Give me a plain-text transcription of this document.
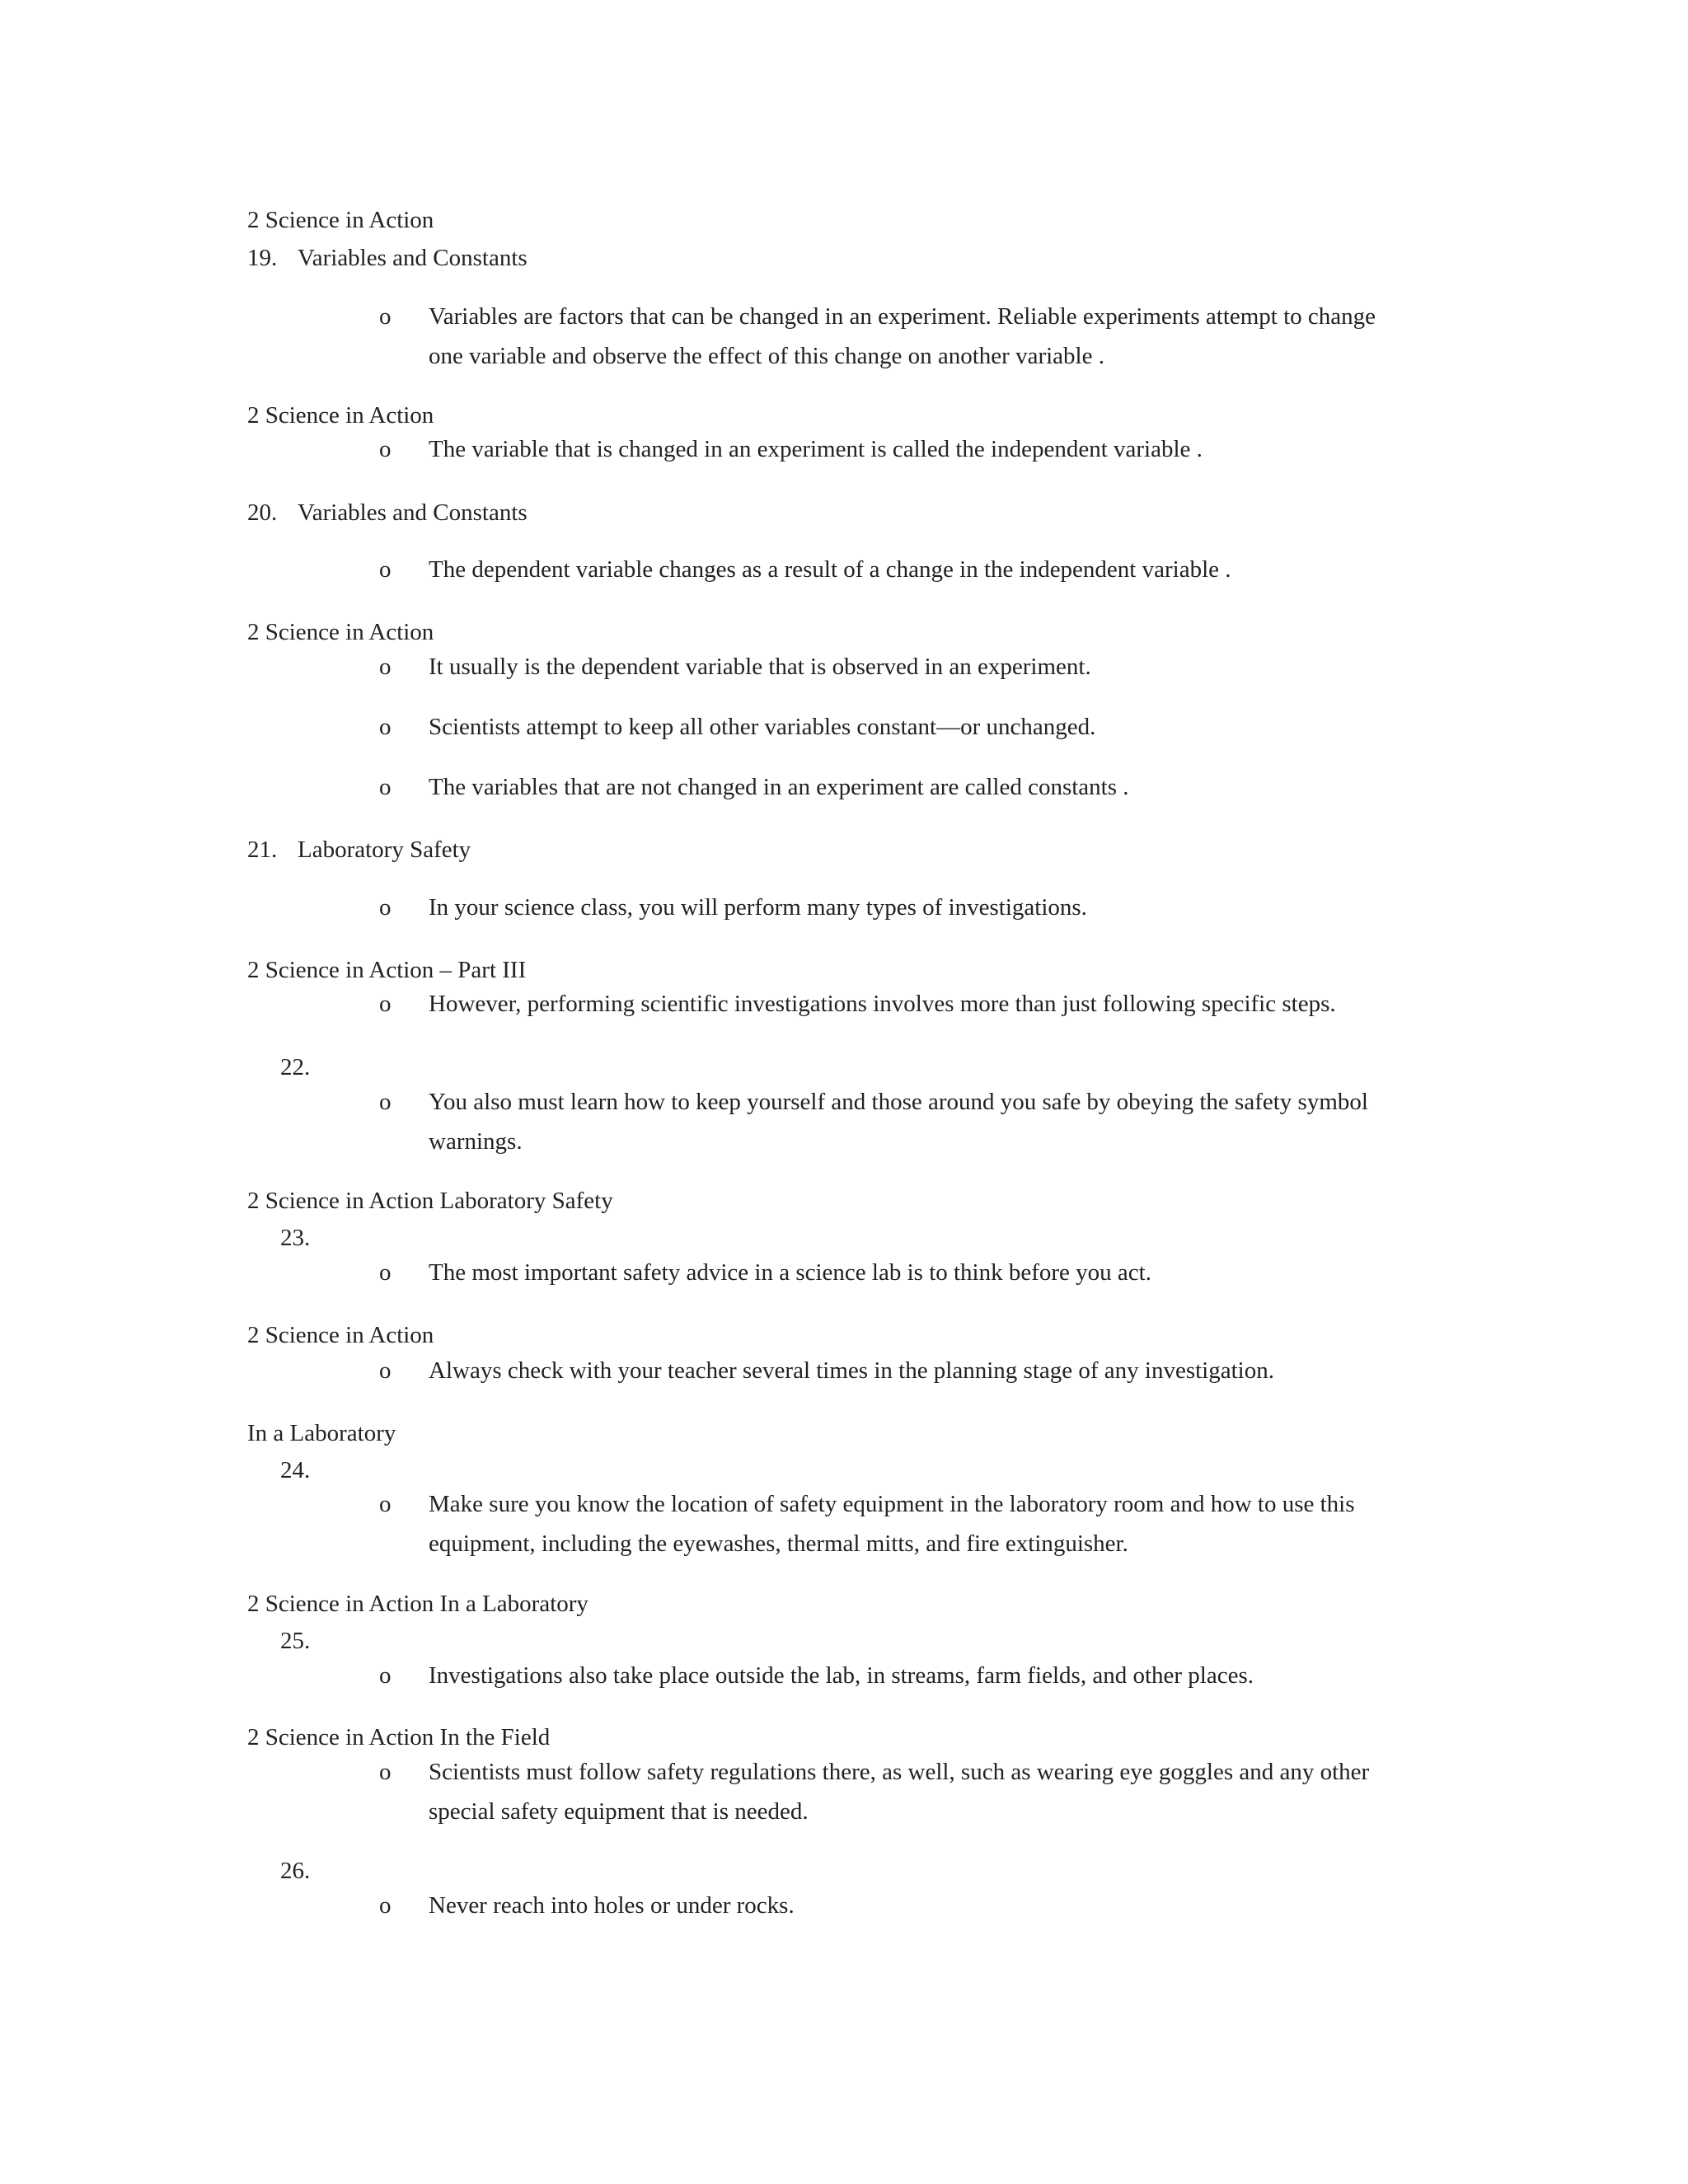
2 Science in Action
19. Variables and Constants
o Variables are factors that can be changed in an experiment. Reliable experiments attempt to change one variable and observe the effect of this change on another variable .
2 Science in Action
o The variable that is changed in an experiment is called the independent variable .
20. Variables and Constants
o The dependent variable changes as a result of a change in the independent variable .
2 Science in Action
o It usually is the dependent variable that is observed in an experiment.
o Scientists attempt to keep all other variables constant—or unchanged.
o The variables that are not changed in an experiment are called constants .
21. Laboratory Safety
o In your science class, you will perform many types of investigations.
2 Science in Action – Part III
o However, performing scientific investigations involves more than just following specific steps.
22.
o You also must learn how to keep yourself and those around you safe by obeying the safety symbol warnings.
2 Science in Action Laboratory Safety
23.
o The most important safety advice in a science lab is to think before you act.
2 Science in Action
o Always check with your teacher several times in the planning stage of any investigation.
In a Laboratory
24.
o Make sure you know the location of safety equipment in the laboratory room and how to use this equipment, including the eyewashes, thermal mitts, and fire extinguisher.
2 Science in Action In a Laboratory
25.
o Investigations also take place outside the lab, in streams, farm fields, and other places.
2 Science in Action In the Field
o Scientists must follow safety regulations there, as well, such as wearing eye goggles and any other special safety equipment that is needed.
26.
o Never reach into holes or under rocks.
